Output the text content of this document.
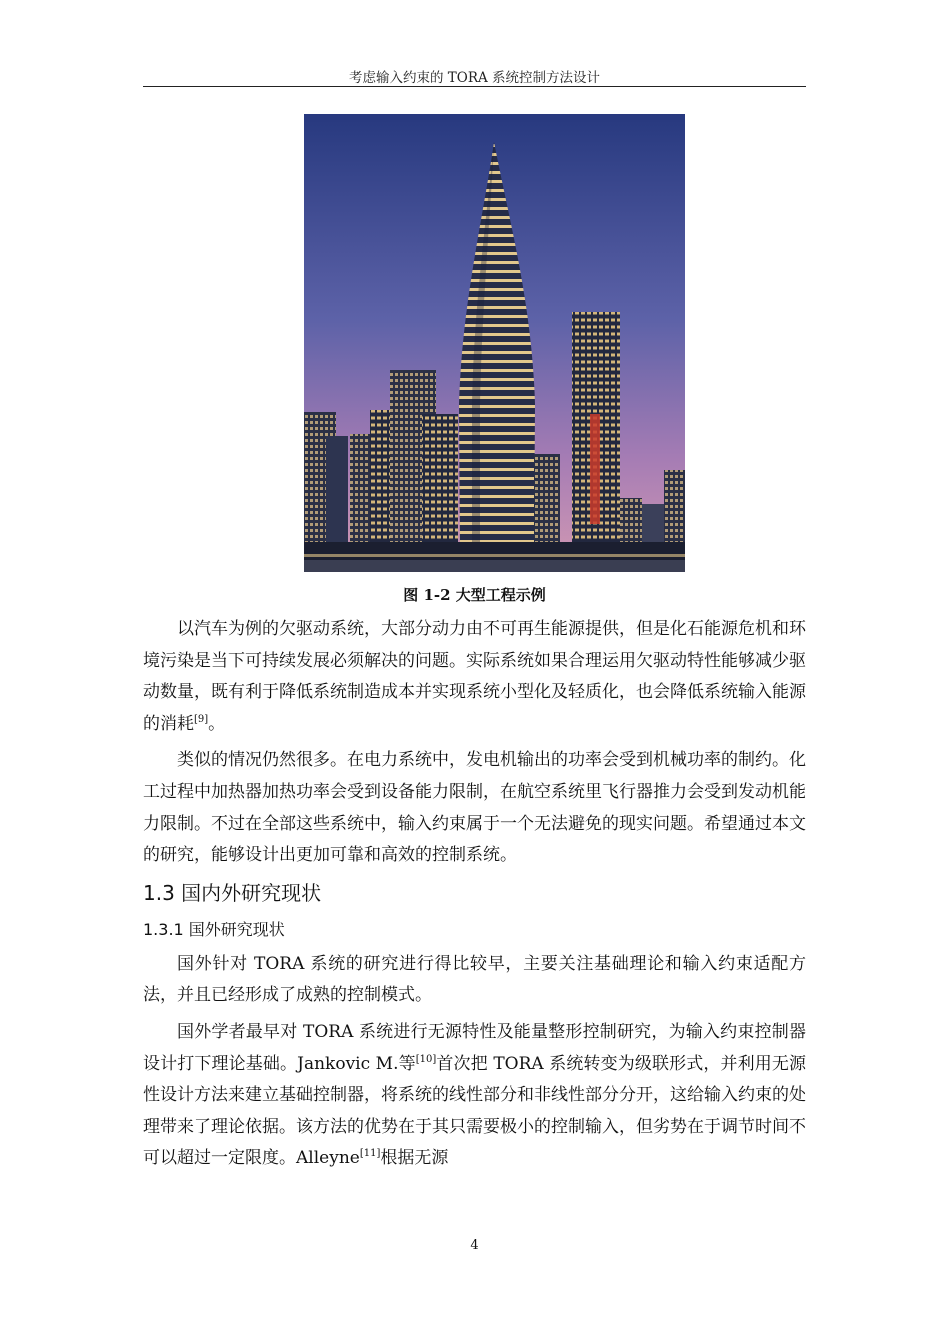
考虑输入约束的 TORA 系统控制方法设计
图 1-2 大型工程示例

以汽车为例的欠驱动系统，大部分动力由不可再生能源提供，但是化石能源危机和环境污染是当下可持续发展必须解决的问题。实际系统如果合理运用欠驱动特性能够减少驱动数量，既有利于降低系统制造成本并实现系统小型化及轻质化，也会降低系统输入能源的消耗[9]。

类似的情况仍然很多。在电力系统中，发电机输出的功率会受到机械功率的制约。化工过程中加热器加热功率会受到设备能力限制，在航空系统里飞行器推力会受到发动机能力限制。不过在全部这些系统中，输入约束属于一个无法避免的现实问题。希望通过本文的研究，能够设计出更加可靠和高效的控制系统。

1.3 国内外研究现状
1.3.1 国外研究现状

国外针对 TORA 系统的研究进行得比较早，主要关注基础理论和输入约束适配方法，并且已经形成了成熟的控制模式。

国外学者最早对 TORA 系统进行无源特性及能量整形控制研究，为输入约束控制器设计打下理论基础。Jankovic M.等[10]首次把 TORA 系统转变为级联形式，并利用无源性设计方法来建立基础控制器，将系统的线性部分和非线性部分分开，这给输入约束的处理带来了理论依据。该方法的优势在于其只需要极小的控制输入，但劣势在于调节时间不可以超过一定限度。Alleyne[11]根据无源

4
